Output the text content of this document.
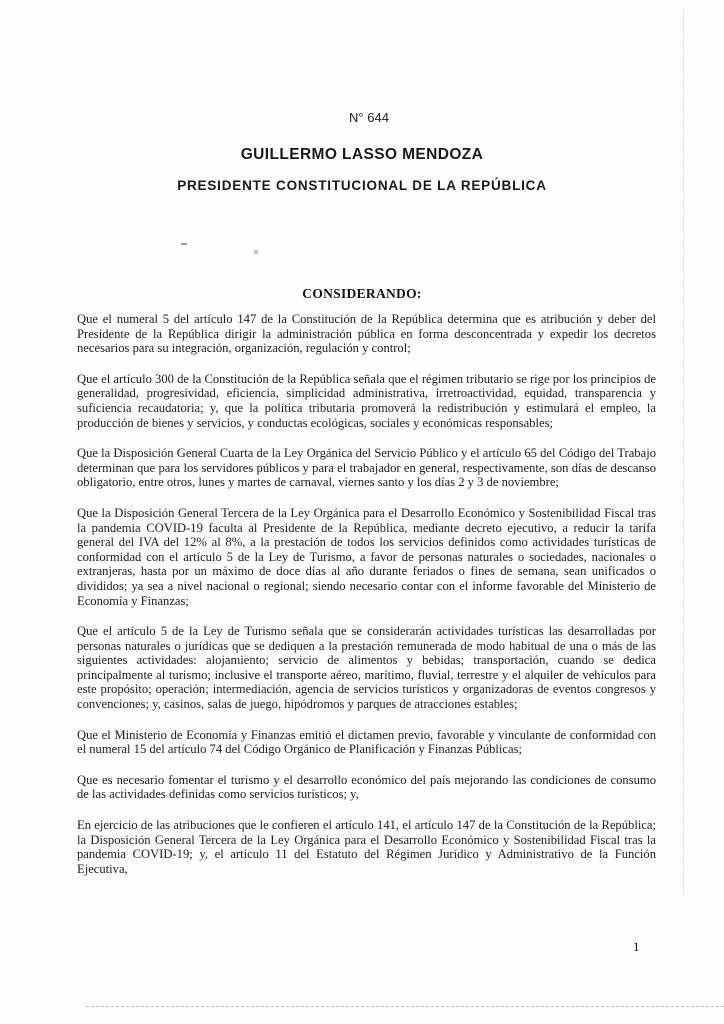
N° 644
GUILLERMO LASSO MENDOZA
PRESIDENTE CONSTITUCIONAL DE LA REPÚBLICA
CONSIDERANDO:

Que el numeral 5 del artículo 147 de la Constitución de la República determina que es atribución y deber del Presidente de la República dirigir la administración pública en forma desconcentrada y expedir los decretos necesarios para su integración, organización, regulación y control;

Que el artículo 300 de la Constitución de la República señala que el régimen tributario se rige por los principios de generalidad, progresividad, eficiencia, simplicidad administrativa, irretroactividad, equidad, transparencia y suficiencia recaudatoria; y, que la política tributaria promoverá la redistribución y estimulará el empleo, la producción de bienes y servicios, y conductas ecológicas, sociales y económicas responsables;

Que la Disposición General Cuarta de la Ley Orgánica del Servicio Público y el artículo 65 del Código del Trabajo determinan que para los servidores públicos y para el trabajador en general, respectivamente, son días de descanso obligatorio, entre otros, lunes y martes de carnaval, viernes santo y los días 2 y 3 de noviembre;

Que la Disposición General Tercera de la Ley Orgánica para el Desarrollo Económico y Sostenibilidad Fiscal tras la pandemia COVID-19 faculta al Presidente de la República, mediante decreto ejecutivo, a reducir la tarifa general del IVA del 12% al 8%, a la prestación de todos los servicios definidos como actividades turísticas de conformidad con el artículo 5 de la Ley de Turismo, a favor de personas naturales o sociedades, nacionales o extranjeras, hasta por un máximo de doce días al año durante feriados o fines de semana, sean unificados o divididos; ya sea a nivel nacional o regional; siendo necesario contar con el informe favorable del Ministerio de Economía y Finanzas;

Que el artículo 5 de la Ley de Turismo señala que se considerarán actividades turísticas las desarrolladas por personas naturales o jurídicas que se dediquen a la prestación remunerada de modo habitual de una o más de las siguientes actividades: alojamiento; servicio de alimentos y bebidas; transportación, cuando se dedica principalmente al turismo; inclusive el transporte aéreo, marítimo, fluvial, terrestre y el alquiler de vehículos para este propósito; operación; intermediación, agencia de servicios turísticos y organizadoras de eventos congresos y convenciones; y, casinos, salas de juego, hipódromos y parques de atracciones estables;

Que el Ministerio de Economía y Finanzas emitió el dictamen previo, favorable y vinculante de conformidad con el numeral 15 del artículo 74 del Código Orgánico de Planificación y Finanzas Públicas;

Que es necesario fomentar el turismo y el desarrollo económico del país mejorando las condiciones de consumo de las actividades definidas como servicios turísticos; y,

En ejercicio de las atribuciones que le confieren el artículo 141, el artículo 147 de la Constitución de la República; la Disposición General Tercera de la Ley Orgánica para el Desarrollo Económico y Sostenibilidad Fiscal tras la pandemia COVID-19; y, el artículo 11 del Estatuto del Régimen Jurídico y Administrativo de la Función Ejecutiva,

1
